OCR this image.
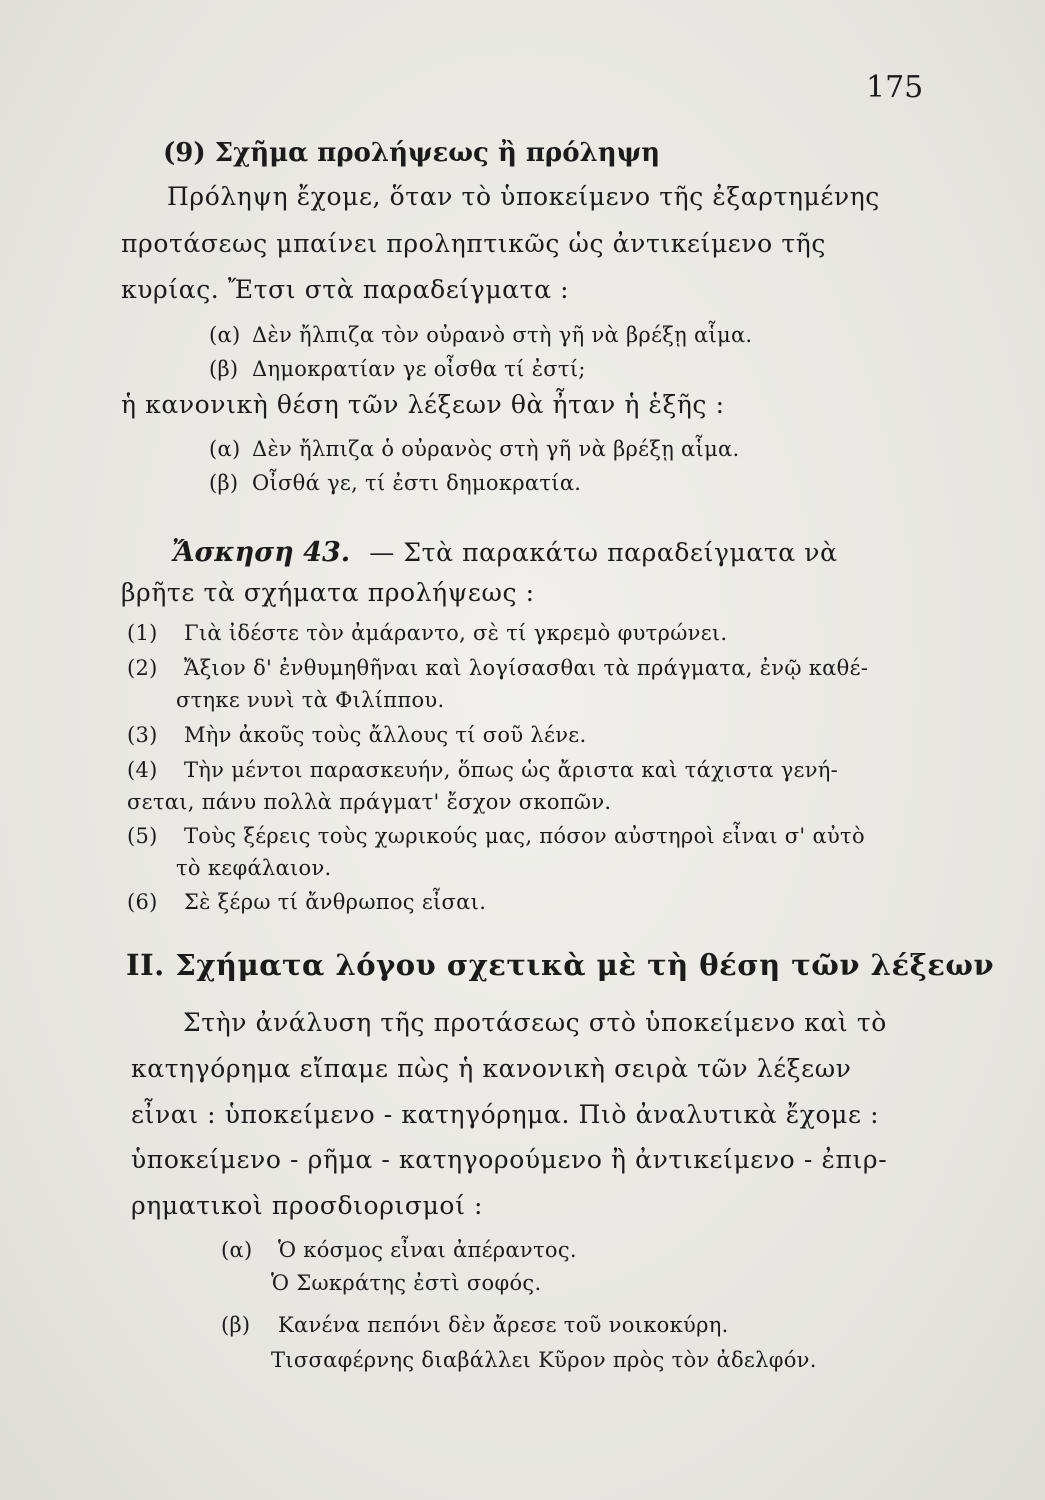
175
(9) Σχῆμα προλήψεως ἢ πρόληψη
Πρόληψη ἔχομε, ὅταν τὸ ὑποκείμενο τῆς ἐξαρτημένης
προτάσεως μπαίνει προληπτικῶς ὡς ἀντικείμενο τῆς
κυρίας. Ἔτσι στὰ παραδείγματα :
(α) Δὲν ἤλπιζα τὸν οὐρανὸ στὴ γῆ νὰ βρέξῃ αἷμα.
(β) Δημοκρατίαν γε οἶσθα τί ἐστί;
ἡ κανονικὴ θέση τῶν λέξεων θὰ ἦταν ἡ ἑξῆς :
(α) Δὲν ἤλπιζα ὁ οὐρανὸς στὴ γῆ νὰ βρέξῃ αἷμα.
(β) Οἶσθά γε, τί ἐστι δημοκρατία.
Ἄσκηση 43. — Στὰ παρακάτω παραδείγματα νὰ
βρῆτε τὰ σχήματα προλήψεως :
(1) Γιὰ ἰδέστε τὸν ἀμάραντο, σὲ τί γκρεμὸ φυτρώνει.
(2) Ἄξιον δ' ἐνθυμηθῆναι καὶ λογίσασθαι τὰ πράγματα, ἐνῷ καθέ-
στηκε νυνὶ τὰ Φιλίππου.
(3) Μὴν ἀκοῦς τοὺς ἄλλους τί σοῦ λένε.
(4) Τὴν μέντοι παρασκευήν, ὅπως ὡς ἄριστα καὶ τάχιστα γενή-
σεται, πάνυ πολλὰ πράγματ' ἔσχον σκοπῶν.
(5) Τοὺς ξέρεις τοὺς χωρικούς μας, πόσον αὐστηροὶ εἶναι σ' αὐτὸ
τὸ κεφάλαιον.
(6) Σὲ ξέρω τί ἄνθρωπος εἶσαι.
ΙΙ. Σχήματα λόγου σχετικὰ μὲ τὴ θέση τῶν λέξεων
Στὴν ἀνάλυση τῆς προτάσεως στὸ ὑποκείμενο καὶ τὸ
κατηγόρημα εἴπαμε πὼς ἡ κανονικὴ σειρὰ τῶν λέξεων
εἶναι : ὑποκείμενο - κατηγόρημα. Πιὸ ἀναλυτικὰ ἔχομε :
ὑποκείμενο - ρῆμα - κατηγορούμενο ἢ ἀντικείμενο - ἐπιρ-
ρηματικοὶ προσδιορισμοί :
(α) Ὁ κόσμος εἶναι ἀπέραντος.
Ὁ Σωκράτης ἐστὶ σοφός.
(β) Κανένα πεπόνι δὲν ἄρεσε τοῦ νοικοκύρη.
Τισσαφέρνης διαβάλλει Κῦρον πρὸς τὸν ἀδελφόν.
